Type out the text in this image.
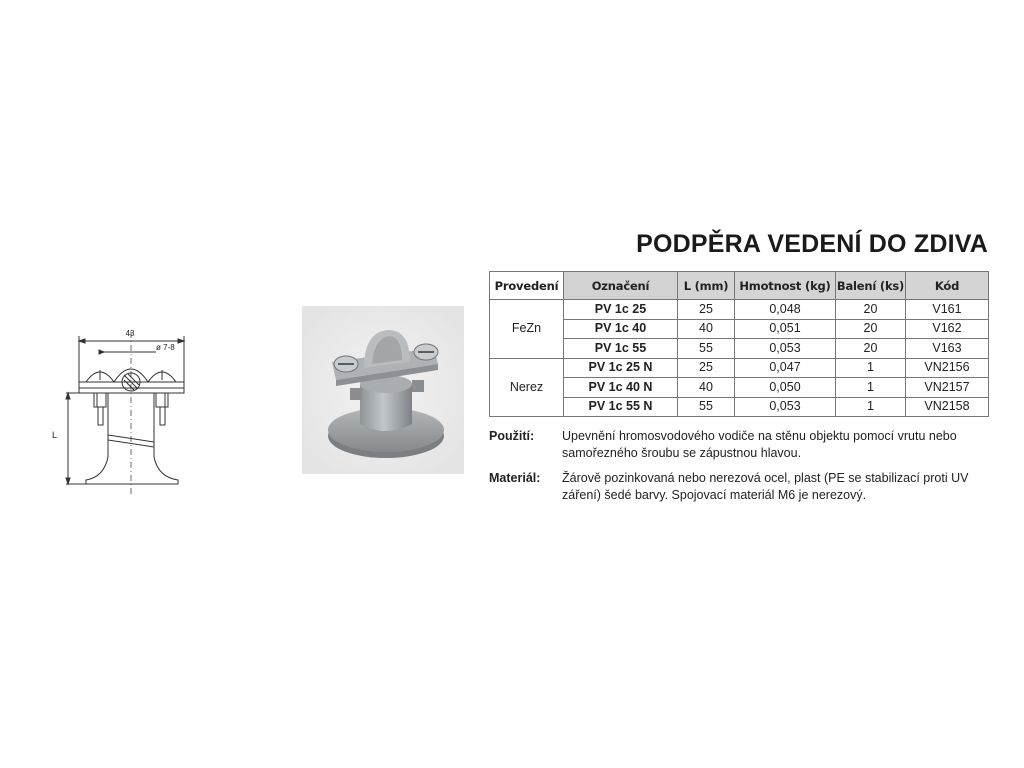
43
ø 7-8
L
PODPĚRA VEDENÍ DO ZDIVA
Provedení	Označení	L (mm)	Hmotnost (kg)	Balení (ks)	Kód
FeZn	PV 1c 25	25	0,048	20	V161
	PV 1c 40	40	0,051	20	V162
	PV 1c 55	55	0,053	20	V163
Nerez	PV 1c 25 N	25	0,047	1	VN2156
	PV 1c 40 N	40	0,050	1	VN2157
	PV 1c 55 N	55	0,053	1	VN2158
Použití:	Upevnění hromosvodového vodiče na stěnu objektu pomocí vrutu nebo samořezného šroubu se zápustnou hlavou.
Materiál:	Žárově pozinkovaná nebo nerezová ocel, plast (PE se stabilizací proti UV záření) šedé barvy. Spojovací materiál M6 je nerezový.
